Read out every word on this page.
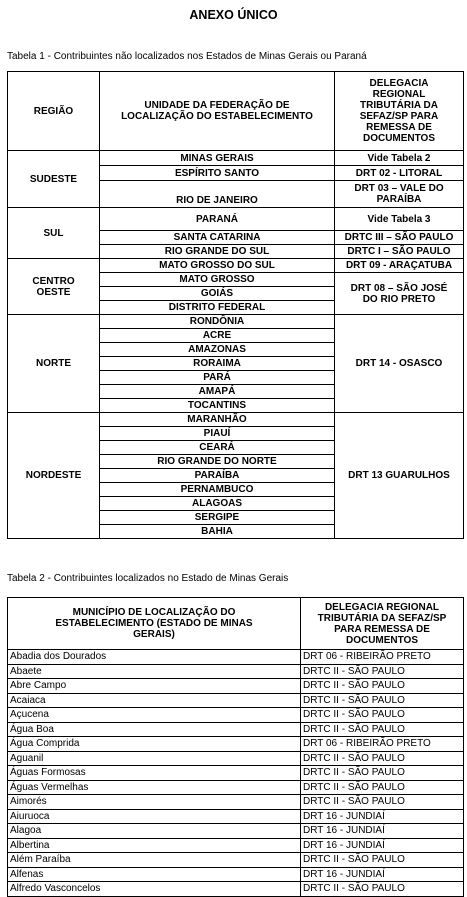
ANEXO ÚNICO
Tabela 1 - Contribuintes não localizados nos Estados de Minas Gerais ou Paraná
REGIÃO	UNIDADE DA FEDERAÇÃO DE LOCALIZAÇÃO DO ESTABELECIMENTO	DELEGACIA REGIONAL TRIBUTÁRIA DA SEFAZ/SP PARA REMESSA DE DOCUMENTOS
SUDESTE	MINAS GERAIS	Vide Tabela 2
	ESPÍRITO SANTO	DRT 02 - LITORAL
	RIO DE JANEIRO	DRT 03 – VALE DO PARAÍBA
SUL	PARANÁ	Vide Tabela 3
	SANTA CATARINA	DRTC III – SÃO PAULO
	RIO GRANDE DO SUL	DRTC I – SÃO PAULO
CENTRO OESTE	MATO GROSSO DO SUL	DRT 09 - ARAÇATUBA
	MATO GROSSO	DRT 08 – SÃO JOSÉ DO RIO PRETO
	GOIÁS	
	DISTRITO FEDERAL	
NORTE	RONDÔNIA	DRT 14 - OSASCO
	ACRE	
	AMAZONAS	
	RORAIMA	
	PARÁ	
	AMAPÁ	
	TOCANTINS	
NORDESTE	MARANHÃO	DRT 13 GUARULHOS
	PIAUÍ	
	CEARÁ	
	RIO GRANDE DO NORTE	
	PARAÍBA	
	PERNAMBUCO	
	ALAGOAS	
	SERGIPE	
	BAHIA	
Tabela 2 - Contribuintes localizados no Estado de Minas Gerais
MUNICÍPIO DE LOCALIZAÇÃO DO ESTABELECIMENTO (ESTADO DE MINAS GERAIS)	DELEGACIA REGIONAL TRIBUTÁRIA DA SEFAZ/SP PARA REMESSA DE DOCUMENTOS
Abadia dos Dourados	DRT 06 - RIBEIRÃO PRETO
Abaete	DRTC II - SÃO PAULO
Abre Campo	DRTC II - SÃO PAULO
Acaiaca	DRTC II - SÃO PAULO
Açucena	DRTC II - SÃO PAULO
Água Boa	DRTC II - SÃO PAULO
Água Comprida	DRT 06 - RIBEIRÃO PRETO
Aguanil	DRTC II - SÃO PAULO
Águas Formosas	DRTC II - SÃO PAULO
Águas Vermelhas	DRTC II - SÃO PAULO
Aimorés	DRTC II - SÃO PAULO
Aiuruoca	DRT 16 - JUNDIAÍ
Alagoa	DRT 16 - JUNDIAÍ
Albertina	DRT 16 - JUNDIAÍ
Além Paraíba	DRTC II - SÃO PAULO
Alfenas	DRT 16 - JUNDIAÍ
Alfredo Vasconcelos	DRTC II - SÃO PAULO
